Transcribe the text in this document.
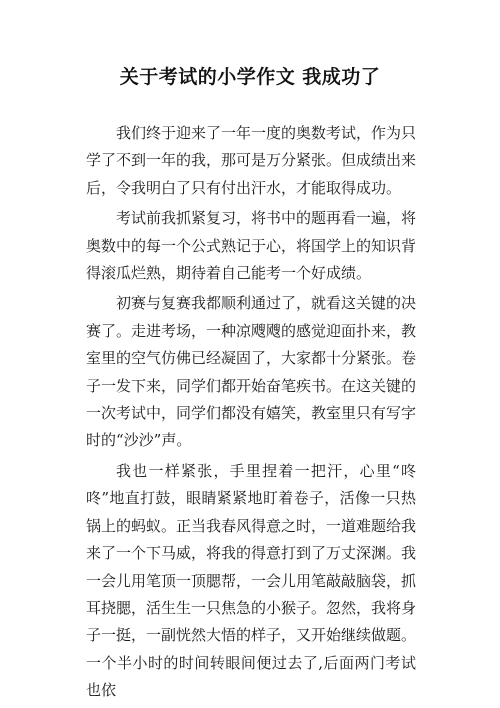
关于考试的小学作文 我成功了

我们终于迎来了一年一度的奥数考试，作为只学了不到一年的我，那可是万分紧张。但成绩出来后，令我明白了只有付出汗水，才能取得成功。

考试前我抓紧复习，将书中的题再看一遍，将奥数中的每一个公式熟记于心，将国学上的知识背得滚瓜烂熟，期待着自己能考一个好成绩。

初赛与复赛我都顺利通过了，就看这关键的决赛了。走进考场，一种凉飕飕的感觉迎面扑来，教室里的空气仿佛已经凝固了，大家都十分紧张。卷子一发下来，同学们都开始奋笔疾书。在这关键的一次考试中，同学们都没有嬉笑，教室里只有写字时的“沙沙”声。

我也一样紧张，手里捏着一把汗，心里“咚咚”地直打鼓，眼睛紧紧地盯着卷子，活像一只热锅上的蚂蚁。正当我春风得意之时，一道难题给我来了一个下马威，将我的得意打到了万丈深渊。我一会儿用笔顶一顶腮帮，一会儿用笔敲敲脑袋，抓耳挠腮，活生生一只焦急的小猴子。忽然，我将身子一挺，一副恍然大悟的样子，又开始继续做题。一个半小时的时间转眼间便过去了,后面两门考试也依
